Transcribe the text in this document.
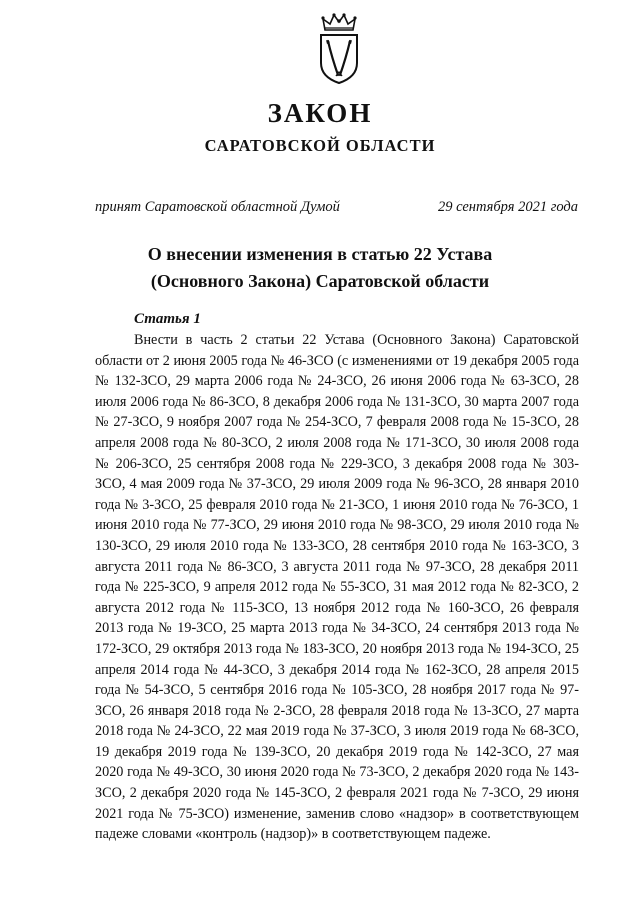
ЗАКОН
САРАТОВСКОЙ ОБЛАСТИ
принят Саратовской областной Думой	29 сентября 2021 года
О внесении изменения в статью 22 Устава
(Основного Закона) Саратовской области
Статья 1

Внести в часть 2 статьи 22 Устава (Основного Закона) Саратовской области от 2 июня 2005 года № 46-ЗСО (с изменениями от 19 декабря 2005 года № 132-ЗСО, 29 марта 2006 года № 24-ЗСО, 26 июня 2006 года № 63-ЗСО, 28 июля 2006 года № 86-ЗСО, 8 декабря 2006 года № 131-ЗСО, 30 марта 2007 года № 27-ЗСО, 9 ноября 2007 года № 254-ЗСО, 7 февраля 2008 года № 15-ЗСО, 28 апреля 2008 года № 80-ЗСО, 2 июля 2008 года № 171-ЗСО, 30 июля 2008 года № 206-ЗСО, 25 сентября 2008 года № 229-ЗСО, 3 декабря 2008 года № 303-ЗСО, 4 мая 2009 года № 37-ЗСО, 29 июля 2009 года № 96-ЗСО, 28 января 2010 года № 3-ЗСО, 25 февраля 2010 года № 21-ЗСО, 1 июня 2010 года № 76-ЗСО, 1 июня 2010 года № 77-ЗСО, 29 июня 2010 года № 98-ЗСО, 29 июля 2010 года № 130-ЗСО, 29 июля 2010 года № 133-ЗСО, 28 сентября 2010 года № 163-ЗСО, 3 августа 2011 года № 86-ЗСО, 3 августа 2011 года № 97-ЗСО, 28 декабря 2011 года № 225-ЗСО, 9 апреля 2012 года № 55-ЗСО, 31 мая 2012 года № 82-ЗСО, 2 августа 2012 года № 115-ЗСО, 13 ноября 2012 года № 160-ЗСО, 26 февраля 2013 года № 19-ЗСО, 25 марта 2013 года № 34-ЗСО, 24 сентября 2013 года № 172-ЗСО, 29 октября 2013 года № 183-ЗСО, 20 ноября 2013 года № 194-ЗСО, 25 апреля 2014 года № 44-ЗСО, 3 декабря 2014 года № 162-ЗСО, 28 апреля 2015 года № 54-ЗСО, 5 сентября 2016 года № 105-ЗСО, 28 ноября 2017 года № 97-ЗСО, 26 января 2018 года № 2-ЗСО, 28 февраля 2018 года № 13-ЗСО, 27 марта 2018 года № 24-ЗСО, 22 мая 2019 года № 37-ЗСО, 3 июля 2019 года № 68-ЗСО, 19 декабря 2019 года № 139-ЗСО, 20 декабря 2019 года № 142-ЗСО, 27 мая 2020 года № 49-ЗСО, 30 июня 2020 года № 73-ЗСО, 2 декабря 2020 года № 143-ЗСО, 2 декабря 2020 года № 145-ЗСО, 2 февраля 2021 года № 7-ЗСО, 29 июня 2021 года № 75-ЗСО) изменение, заменив слово «надзор» в соответствующем падеже словами «контроль (надзор)» в соответствующем падеже.
